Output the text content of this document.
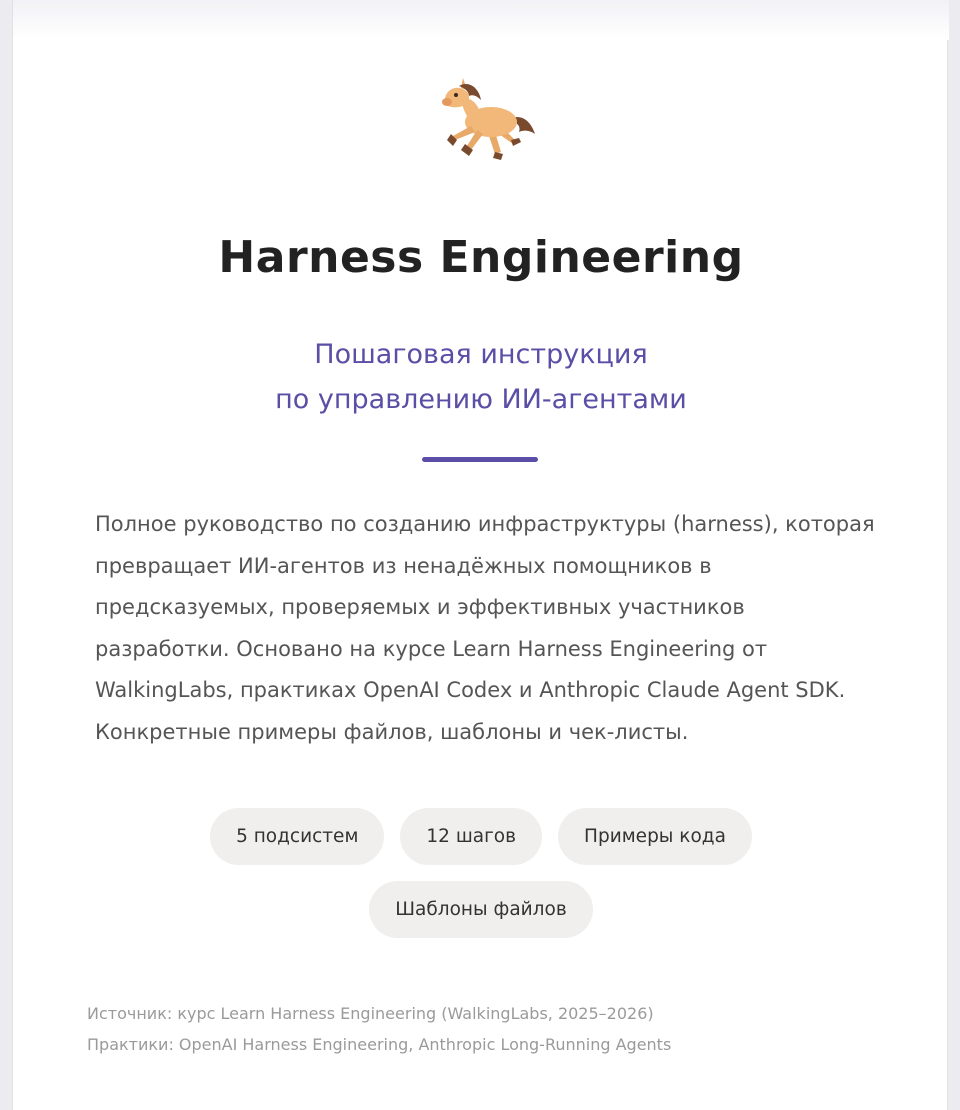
Harness Engineering
Пошаговая инструкция
по управлению ИИ-агентами

Полное руководство по созданию инфраструктуры (harness), которая превращает ИИ-агентов из ненадёжных помощников в предсказуемых, проверяемых и эффективных участников разработки. Основано на курсе Learn Harness Engineering от WalkingLabs, практиках OpenAI Codex и Anthropic Claude Agent SDK. Конкретные примеры файлов, шаблоны и чек-листы.

5 подсистем	12 шагов	Примеры кода
Шаблоны файлов
Источник: курс Learn Harness Engineering (WalkingLabs, 2025–2026)
Практики: OpenAI Harness Engineering, Anthropic Long-Running Agents
